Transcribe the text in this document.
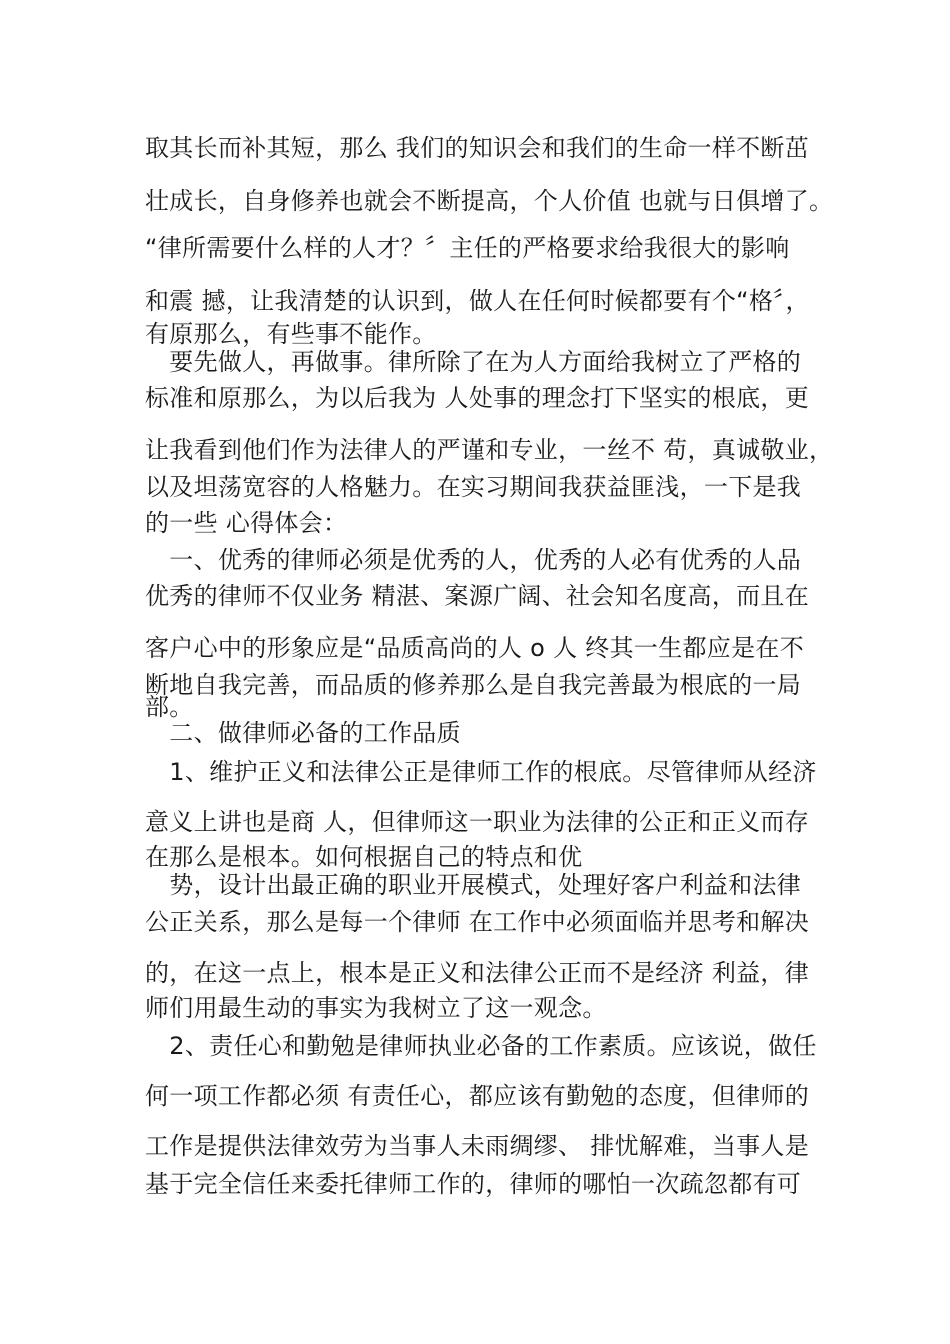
取其长而补其短，那么 我们的知识会和我们的生命一样不断茁
壮成长，自身修养也就会不断提高，个人价值 也就与日俱增了。
“律所需要什么样的人才？〞主任的严格要求给我很大的影响
和震 撼，让我清楚的认识到，做人在任何时候都要有个“格〞，
有原那么，有些事不能作。
　要先做人，再做事。律所除了在为人方面给我树立了严格的
标准和原那么，为以后我为 人处事的理念打下坚实的根底，更
让我看到他们作为法律人的严谨和专业，一丝不 苟，真诚敬业，
以及坦荡宽容的人格魅力。在实习期间我获益匪浅，一下是我
的一些 心得体会：
　一、优秀的律师必须是优秀的人，优秀的人必有优秀的人品
优秀的律师不仅业务 精湛、案源广阔、社会知名度高，而且在
客户心中的形象应是“品质高尚的人 o 人 终其一生都应是在不
断地自我完善，而品质的修养那么是自我完善最为根底的一局
部。
　二、做律师必备的工作品质
　1、维护正义和法律公正是律师工作的根底。尽管律师从经济
意义上讲也是商 人，但律师这一职业为法律的公正和正义而存
在那么是根本。如何根据自己的特点和优
　势，设计出最正确的职业开展模式，处理好客户利益和法律
公正关系，那么是每一个律师 在工作中必须面临并思考和解决
的，在这一点上，根本是正义和法律公正而不是经济 利益，律
师们用最生动的事实为我树立了这一观念。
　2、责任心和勤勉是律师执业必备的工作素质。应该说，做任
何一项工作都必须 有责任心，都应该有勤勉的态度，但律师的
工作是提供法律效劳为当事人未雨绸缪、 排忧解难，当事人是
基于完全信任来委托律师工作的，律师的哪怕一次疏忽都有可
